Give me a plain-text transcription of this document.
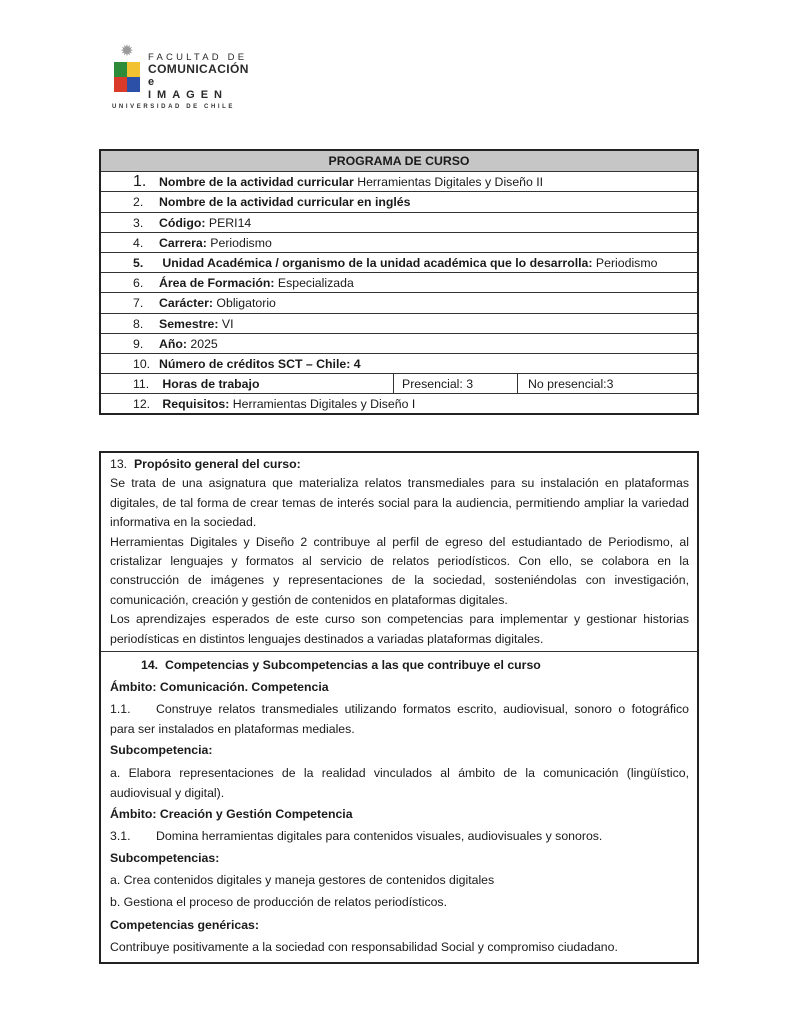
✹ FACULTAD DE
COMUNICACIÓN
e IMAGEN
UNIVERSIDAD DE CHILE
PROGRAMA DE CURSO
1. Nombre de la actividad curricular Herramientas Digitales y Diseño II
2. Nombre de la actividad curricular en inglés
3. Código: PERI14
4. Carrera: Periodismo
5. Unidad Académica / organismo de la unidad académica que lo desarrolla: Periodismo
6. Área de Formación: Especializada
7. Carácter: Obligatorio
8. Semestre: VI
9. Año: 2025
10. Número de créditos SCT – Chile: 4
11. Horas de trabajo	Presencial: 3	No presencial:3
12. Requisitos: Herramientas Digitales y Diseño I
13. Propósito general del curso:

Se trata de una asignatura que materializa relatos transmediales para su instalación en plataformas digitales, de tal forma de crear temas de interés social para la audiencia, permitiendo ampliar la variedad informativa en la sociedad.

Herramientas Digitales y Diseño 2 contribuye al perfil de egreso del estudiantado de Periodismo, al cristalizar lenguajes y formatos al servicio de relatos periodísticos. Con ello, se colabora en la construcción de imágenes y representaciones de la sociedad, sosteniéndolas con investigación, comunicación, creación y gestión de contenidos en plataformas digitales.

Los aprendizajes esperados de este curso son competencias para implementar y gestionar historias periodísticas en distintos lenguajes destinados a variadas plataformas digitales.

14. Competencias y Subcompetencias a las que contribuye el curso

Ámbito: Comunicación. Competencia

1.1. Construye relatos transmediales utilizando formatos escrito, audiovisual, sonoro o fotográfico para ser instalados en plataformas mediales.

Subcompetencia:

a. Elabora representaciones de la realidad vinculados al ámbito de la comunicación (lingüístico, audiovisual y digital).

Ámbito: Creación y Gestión Competencia

3.1. Domina herramientas digitales para contenidos visuales, audiovisuales y sonoros.

Subcompetencias:

a. Crea contenidos digitales y maneja gestores de contenidos digitales

b. Gestiona el proceso de producción de relatos periodísticos.

Competencias genéricas:

Contribuye positivamente a la sociedad con responsabilidad Social y compromiso ciudadano.
